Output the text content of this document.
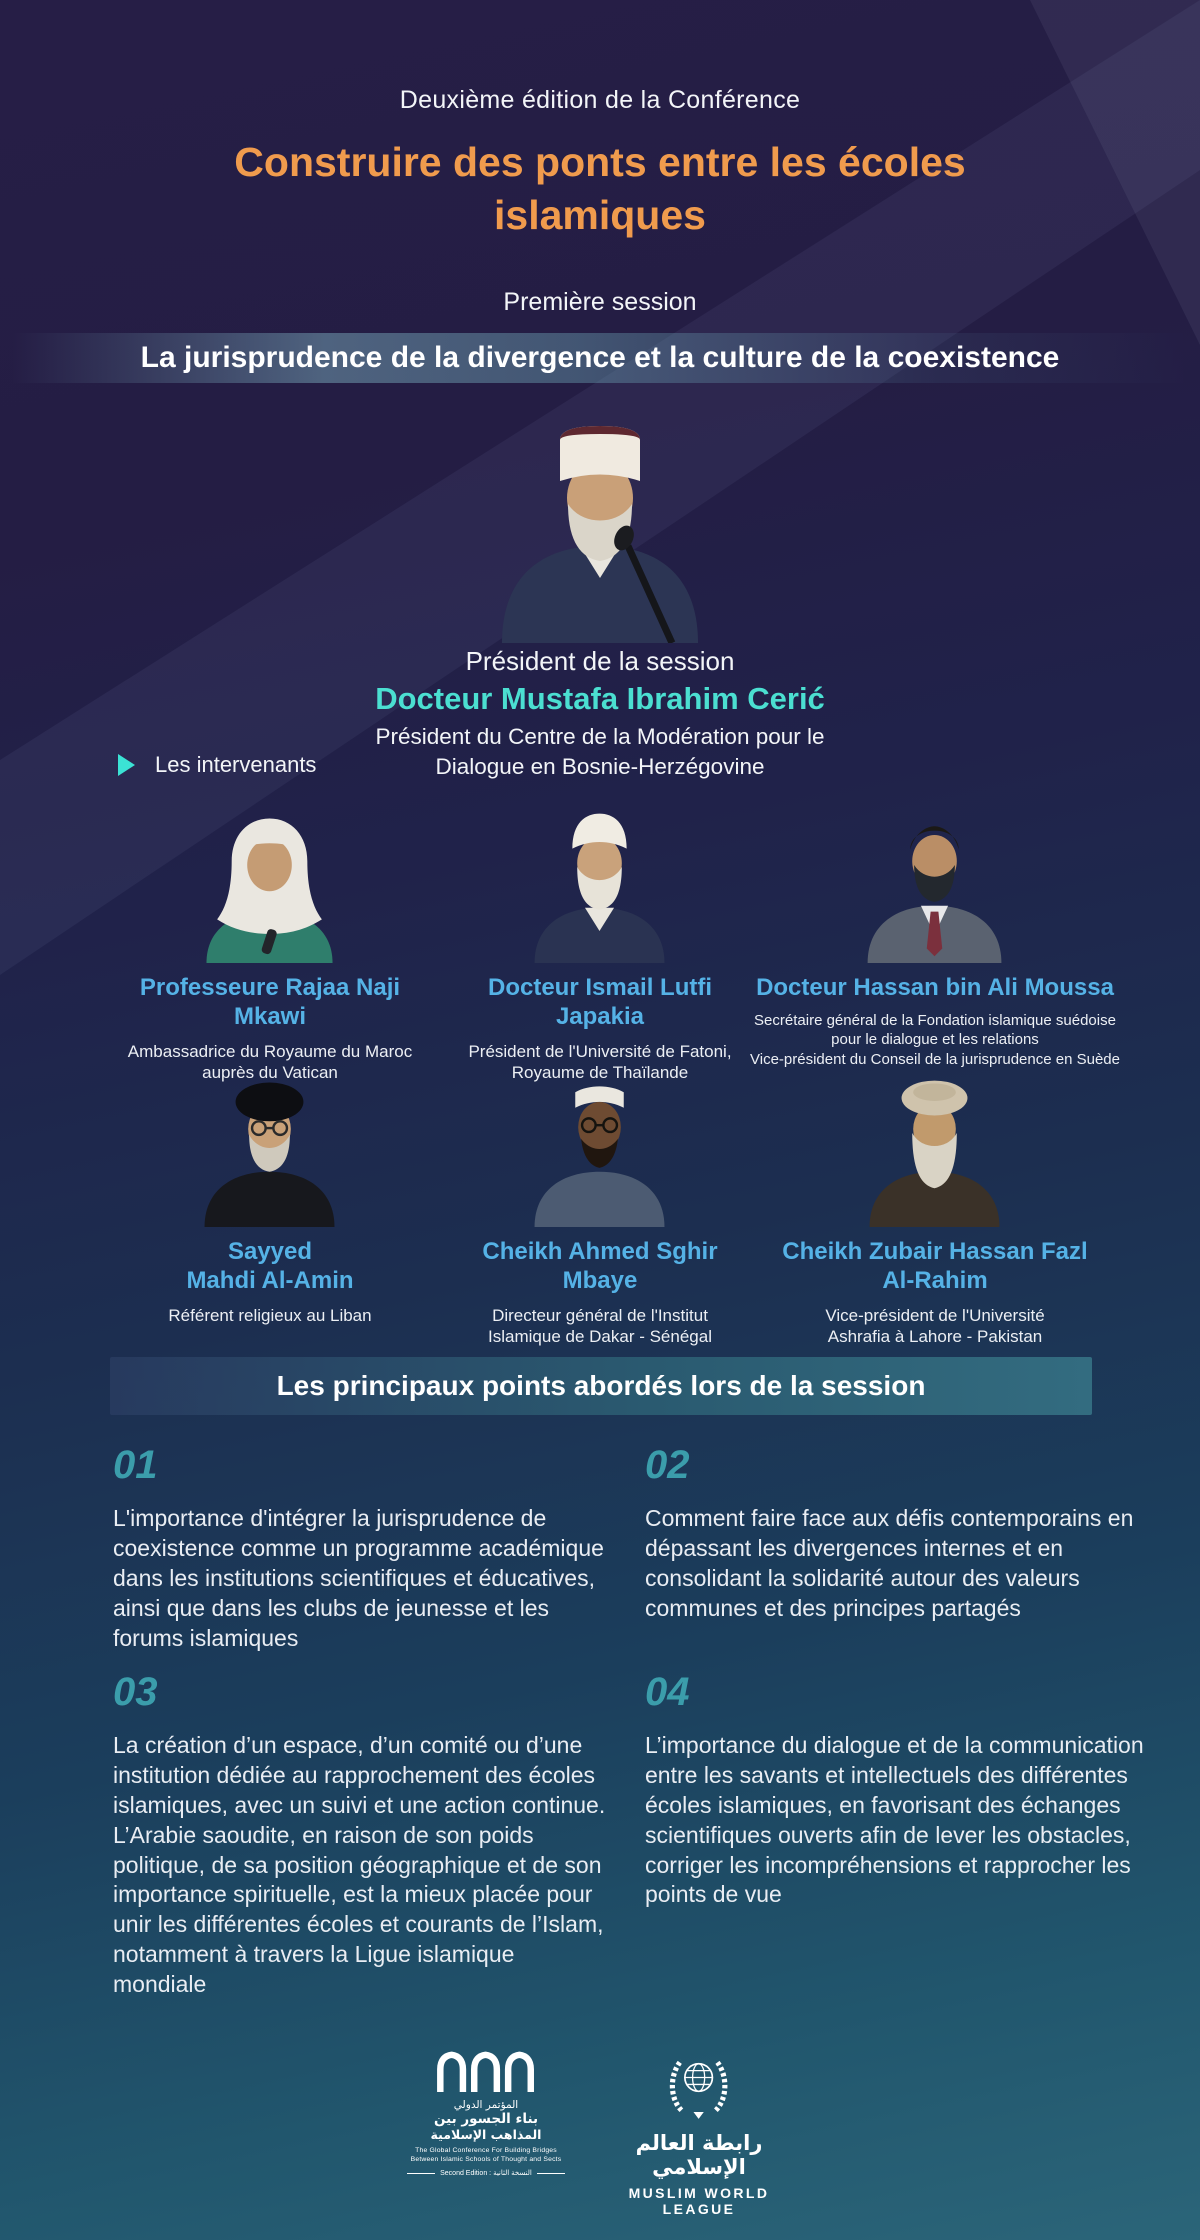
Deuxième édition de la Conférence
Construire des ponts entre les écoles
islamiques
Première session
La jurisprudence de la divergence et la culture de la coexistence
Président de la session
Docteur Mustafa Ibrahim Cerić
Président du Centre de la Modération pour le
Dialogue en Bosnie-Herzégovine
Les intervenants
Professeure Rajaa Naji
Mkawi
Ambassadrice du Royaume du Maroc
auprès du Vatican
Docteur Ismail Lutfi
Japakia
Président de l'Université de Fatoni,
Royaume de Thaïlande
Docteur Hassan bin Ali Moussa
Secrétaire général de la Fondation islamique suédoise
pour le dialogue et les relations
Vice-président du Conseil de la jurisprudence en Suède
Sayyed
Mahdi Al-Amin
Référent religieux au Liban
Cheikh Ahmed Sghir
Mbaye
Directeur général de l'Institut
Islamique de Dakar - Sénégal
Cheikh Zubair Hassan Fazl
Al-Rahim
Vice-président de l'Université
Ashrafia à Lahore - Pakistan
Les principaux points abordés lors de la session
01
L'importance d'intégrer la jurisprudence de coexistence comme un programme académique dans les institutions scientifiques et éducatives, ainsi que dans les clubs de jeunesse et les forums islamiques
02
Comment faire face aux défis contemporains en dépassant les divergences internes et en consolidant la solidarité autour des valeurs communes et des principes partagés
03
La création d’un espace, d’un comité ou d’une institution dédiée au rapprochement des écoles islamiques, avec un suivi et une action continue. L’Arabie saoudite, en raison de son poids politique, de sa position géographique et de son importance spirituelle, est la mieux placée pour unir les différentes écoles et courants de l’Islam, notamment à travers la Ligue islamique mondiale
04
L’importance du dialogue et de la communication entre les savants et intellectuels des différentes écoles islamiques, en favorisant des échanges scientifiques ouverts afin de lever les obstacles, corriger les incompréhensions et rapprocher les points de vue
المؤتمر الدولي
بناء الجسور بين
المذاهب الإسلامية
The Global Conference For Building Bridges
Between Islamic Schools of Thought and Sects
Second Edition : النسخة الثانية
رابطة العالم الإسلامي
MUSLIM WORLD LEAGUE
